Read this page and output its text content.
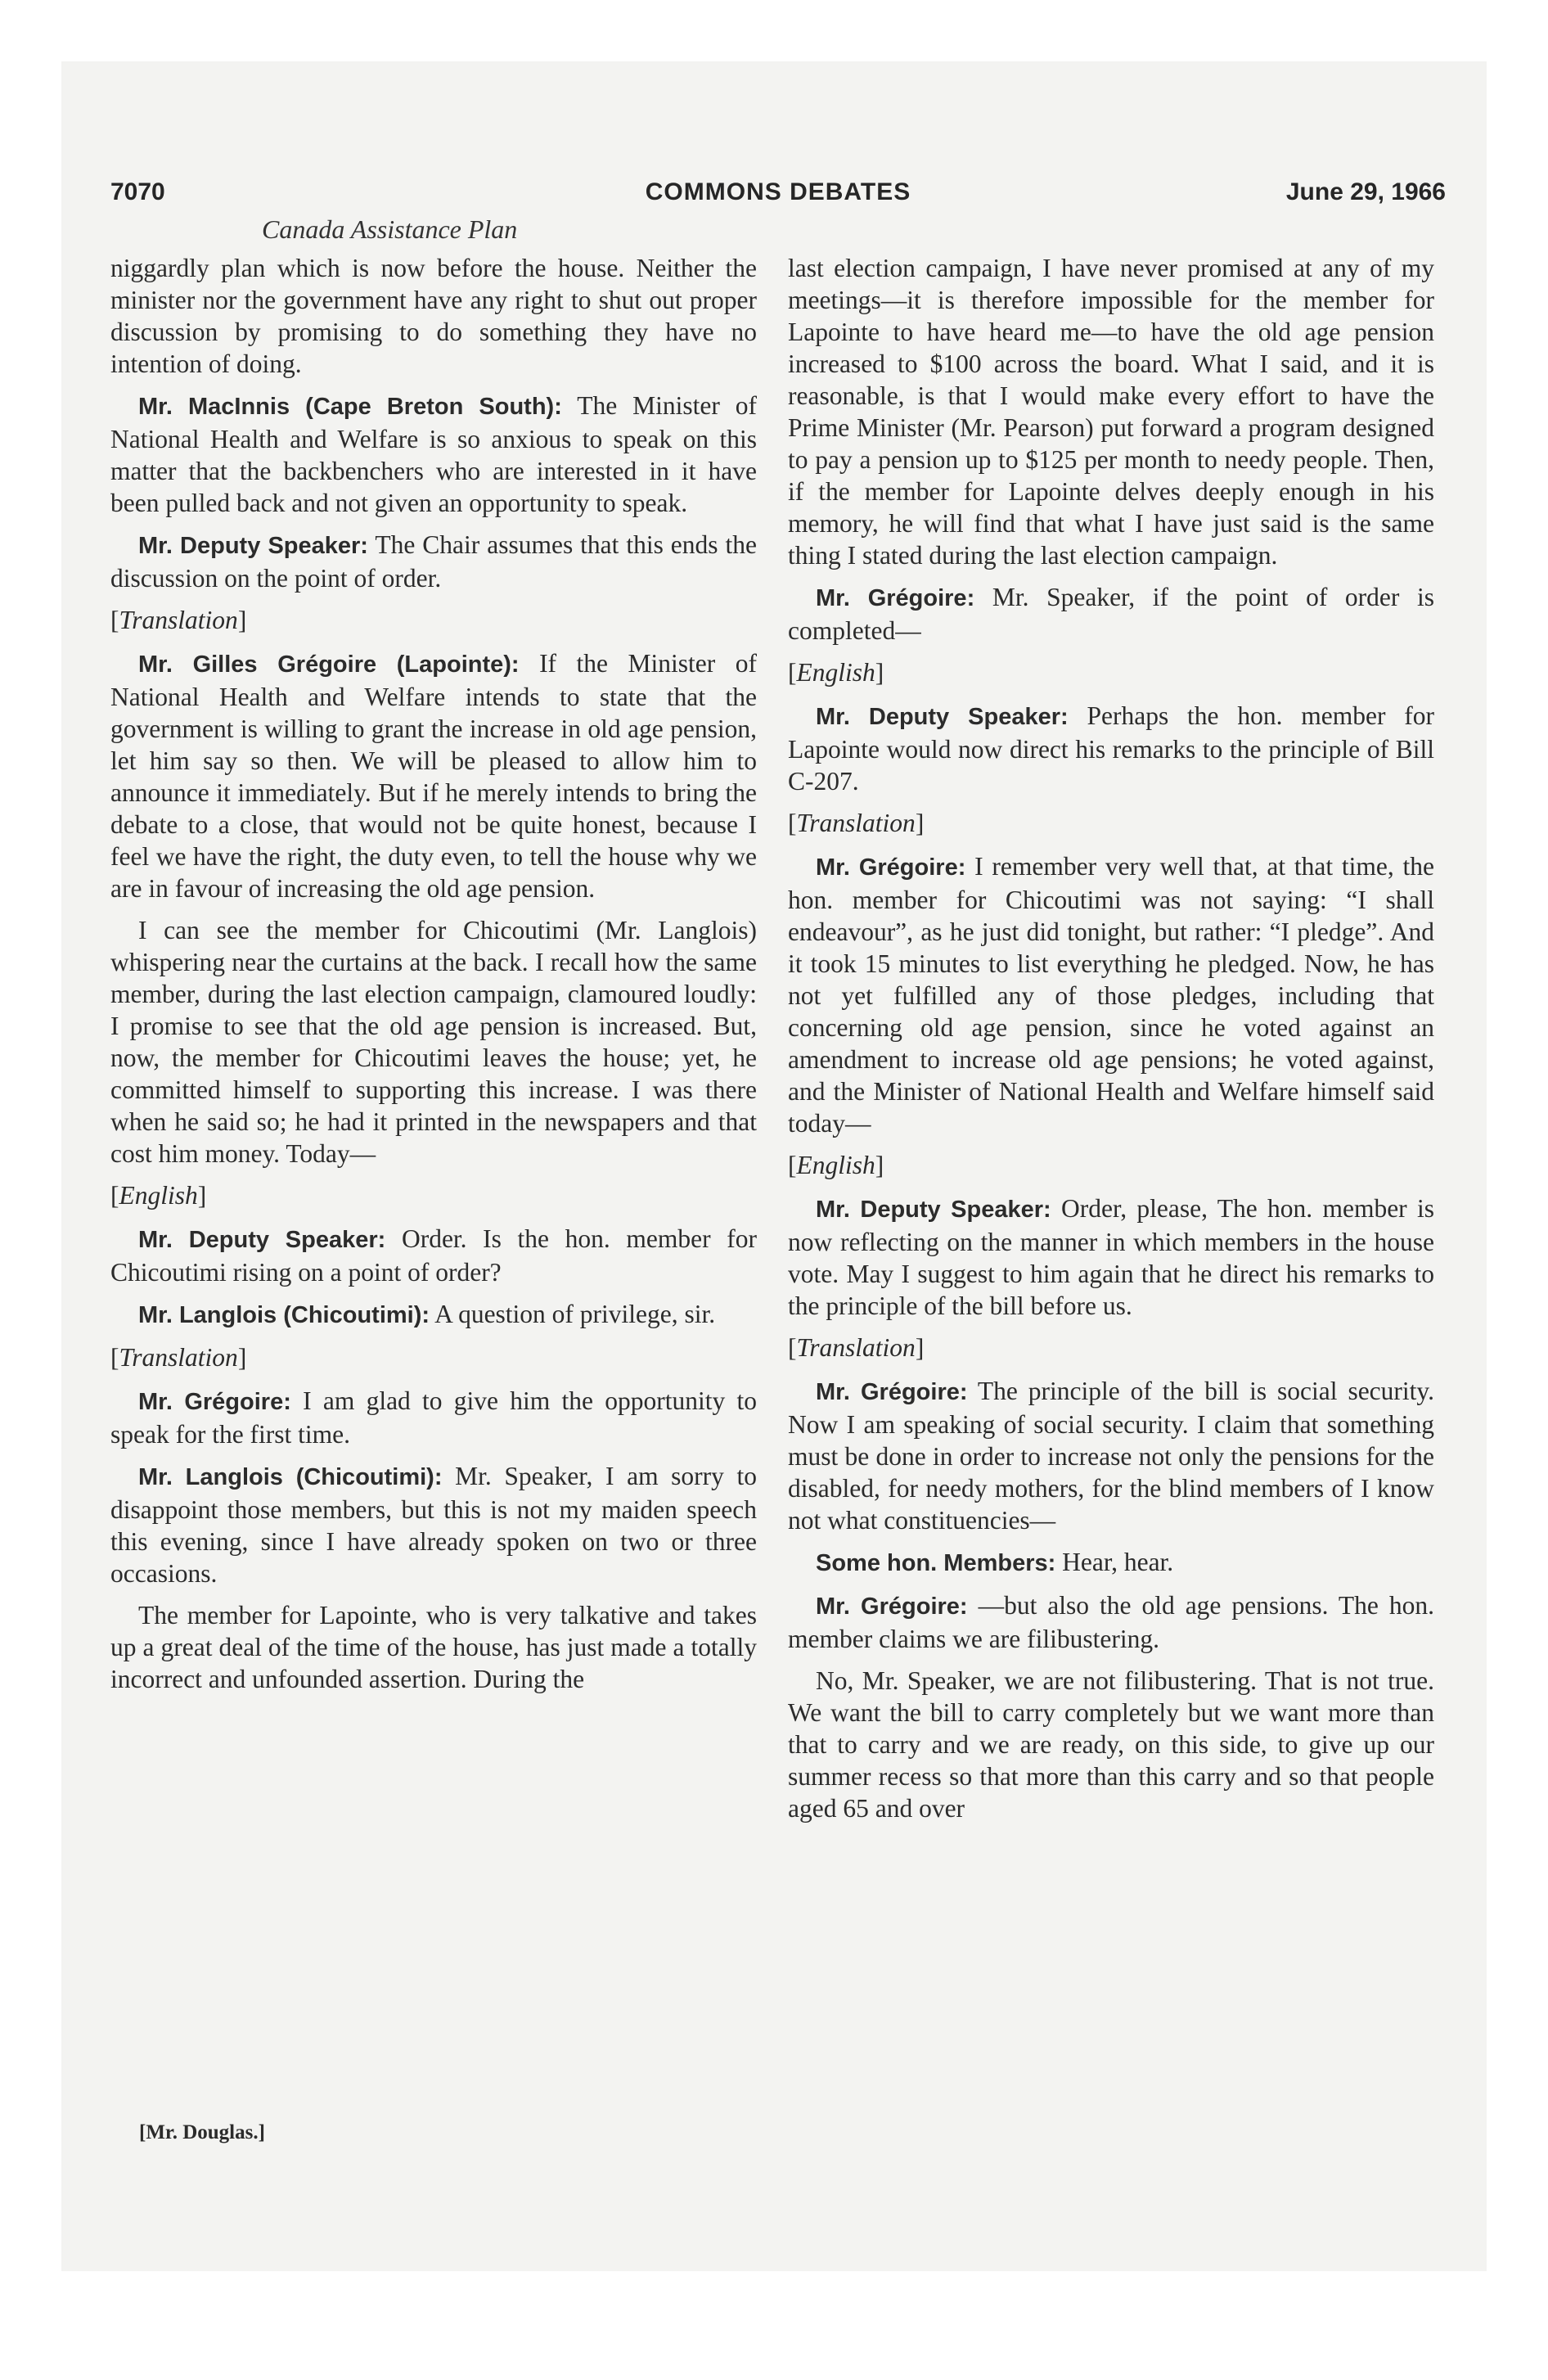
7070	COMMONS DEBATES	June 29, 1966
Canada Assistance Plan

niggardly plan which is now before the house. Neither the minister nor the government have any right to shut out proper discussion by promising to do something they have no intention of doing.

Mr. MacInnis (Cape Breton South): The Minister of National Health and Welfare is so anxious to speak on this matter that the backbenchers who are interested in it have been pulled back and not given an opportunity to speak.

Mr. Deputy Speaker: The Chair assumes that this ends the discussion on the point of order.

[Translation]

Mr. Gilles Grégoire (Lapointe): If the Minister of National Health and Welfare intends to state that the government is willing to grant the increase in old age pension, let him say so then. We will be pleased to allow him to announce it immediately. But if he merely intends to bring the debate to a close, that would not be quite honest, because I feel we have the right, the duty even, to tell the house why we are in favour of increasing the old age pension.

I can see the member for Chicoutimi (Mr. Langlois) whispering near the curtains at the back. I recall how the same member, during the last election campaign, clamoured loudly: I promise to see that the old age pension is increased. But, now, the member for Chicoutimi leaves the house; yet, he committed himself to supporting this increase. I was there when he said so; he had it printed in the newspapers and that cost him money. Today—

[English]

Mr. Deputy Speaker: Order. Is the hon. member for Chicoutimi rising on a point of order?

Mr. Langlois (Chicoutimi): A question of privilege, sir.

[Translation]

Mr. Grégoire: I am glad to give him the opportunity to speak for the first time.

Mr. Langlois (Chicoutimi): Mr. Speaker, I am sorry to disappoint those members, but this is not my maiden speech this evening, since I have already spoken on two or three occasions.

The member for Lapointe, who is very talkative and takes up a great deal of the time of the house, has just made a totally incorrect and unfounded assertion. During the

last election campaign, I have never promised at any of my meetings—it is therefore impossible for the member for Lapointe to have heard me—to have the old age pension increased to $100 across the board. What I said, and it is reasonable, is that I would make every effort to have the Prime Minister (Mr. Pearson) put forward a program designed to pay a pension up to $125 per month to needy people. Then, if the member for Lapointe delves deeply enough in his memory, he will find that what I have just said is the same thing I stated during the last election campaign.

Mr. Grégoire: Mr. Speaker, if the point of order is completed—

[English]

Mr. Deputy Speaker: Perhaps the hon. member for Lapointe would now direct his remarks to the principle of Bill C-207.

[Translation]

Mr. Grégoire: I remember very well that, at that time, the hon. member for Chicoutimi was not saying: “I shall endeavour”, as he just did tonight, but rather: “I pledge”. And it took 15 minutes to list everything he pledged. Now, he has not yet fulfilled any of those pledges, including that concerning old age pension, since he voted against an amendment to increase old age pensions; he voted against, and the Minister of National Health and Welfare himself said today—

[English]

Mr. Deputy Speaker: Order, please, The hon. member is now reflecting on the manner in which members in the house vote. May I suggest to him again that he direct his remarks to the principle of the bill before us.

[Translation]

Mr. Grégoire: The principle of the bill is social security. Now I am speaking of social security. I claim that something must be done in order to increase not only the pensions for the disabled, for needy mothers, for the blind members of I know not what constituencies—

Some hon. Members: Hear, hear.

Mr. Grégoire: —but also the old age pensions. The hon. member claims we are filibustering.

No, Mr. Speaker, we are not filibustering. That is not true. We want the bill to carry completely but we want more than that to carry and we are ready, on this side, to give up our summer recess so that more than this carry and so that people aged 65 and over

[Mr. Douglas.]
